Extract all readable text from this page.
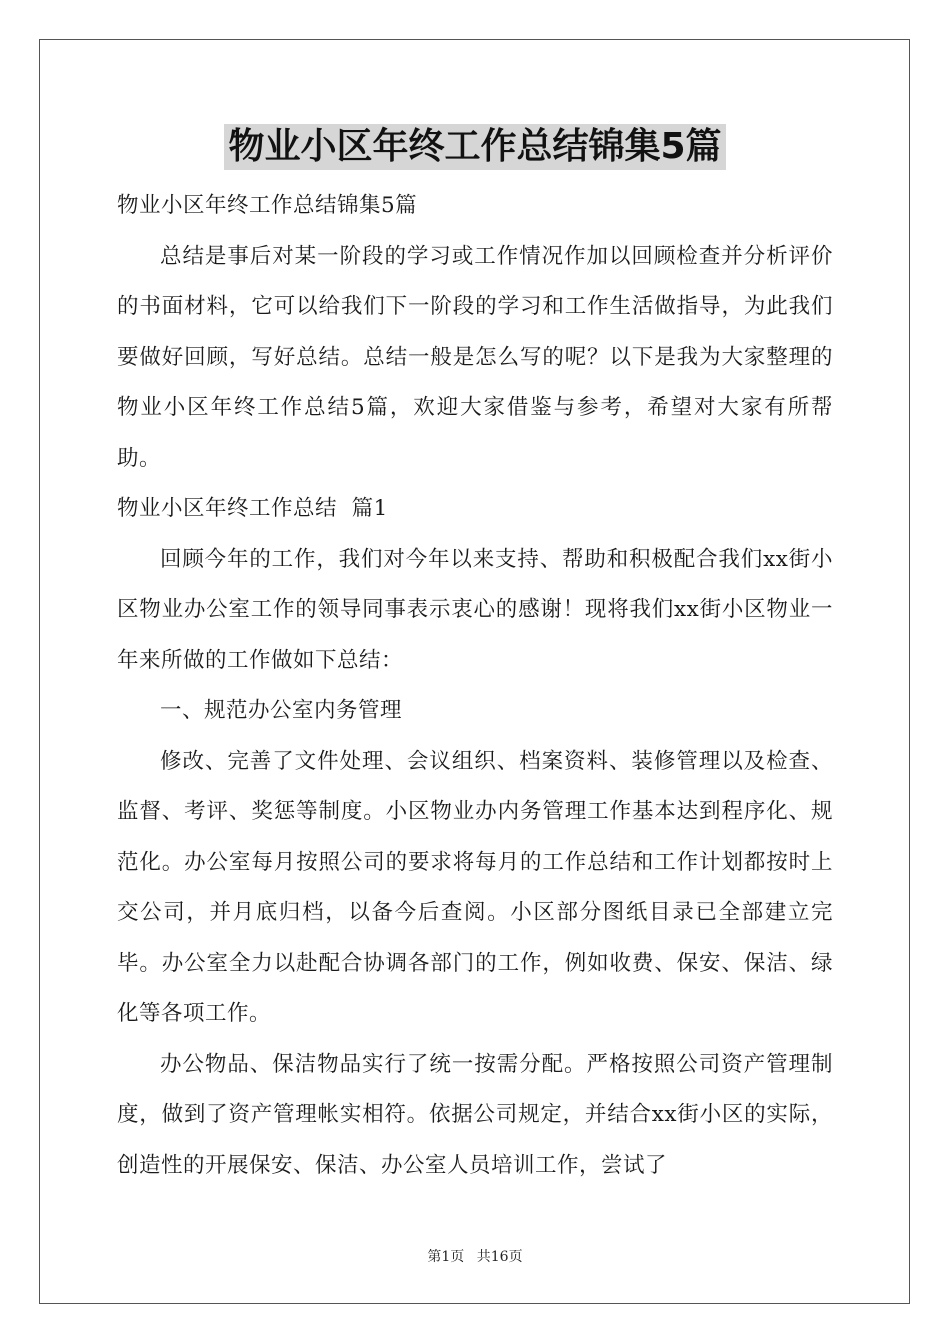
物业小区年终工作总结锦集5篇

物业小区年终工作总结锦集5篇

总结是事后对某一阶段的学习或工作情况作加以回顾检查并分析评价的书面材料，它可以给我们下一阶段的学习和工作生活做指导，为此我们要做好回顾，写好总结。总结一般是怎么写的呢？以下是我为大家整理的物业小区年终工作总结5篇，欢迎大家借鉴与参考，希望对大家有所帮助。

物业小区年终工作总结  篇1

回顾今年的工作，我们对今年以来支持、帮助和积极配合我们xx街小区物业办公室工作的领导同事表示衷心的感谢！现将我们xx街小区物业一年来所做的工作做如下总结：

一、规范办公室内务管理

修改、完善了文件处理、会议组织、档案资料、装修管理以及检查、监督、考评、奖惩等制度。小区物业办内务管理工作基本达到程序化、规范化。办公室每月按照公司的要求将每月的工作总结和工作计划都按时上交公司，并月底归档，以备今后查阅。小区部分图纸目录已全部建立完毕。办公室全力以赴配合协调各部门的工作，例如收费、保安、保洁、绿化等各项工作。

办公物品、保洁物品实行了统一按需分配。严格按照公司资产管理制度，做到了资产管理帐实相符。依据公司规定，并结合xx街小区的实际，创造性的开展保安、保洁、办公室人员培训工作，尝试了

第1页 共16页
